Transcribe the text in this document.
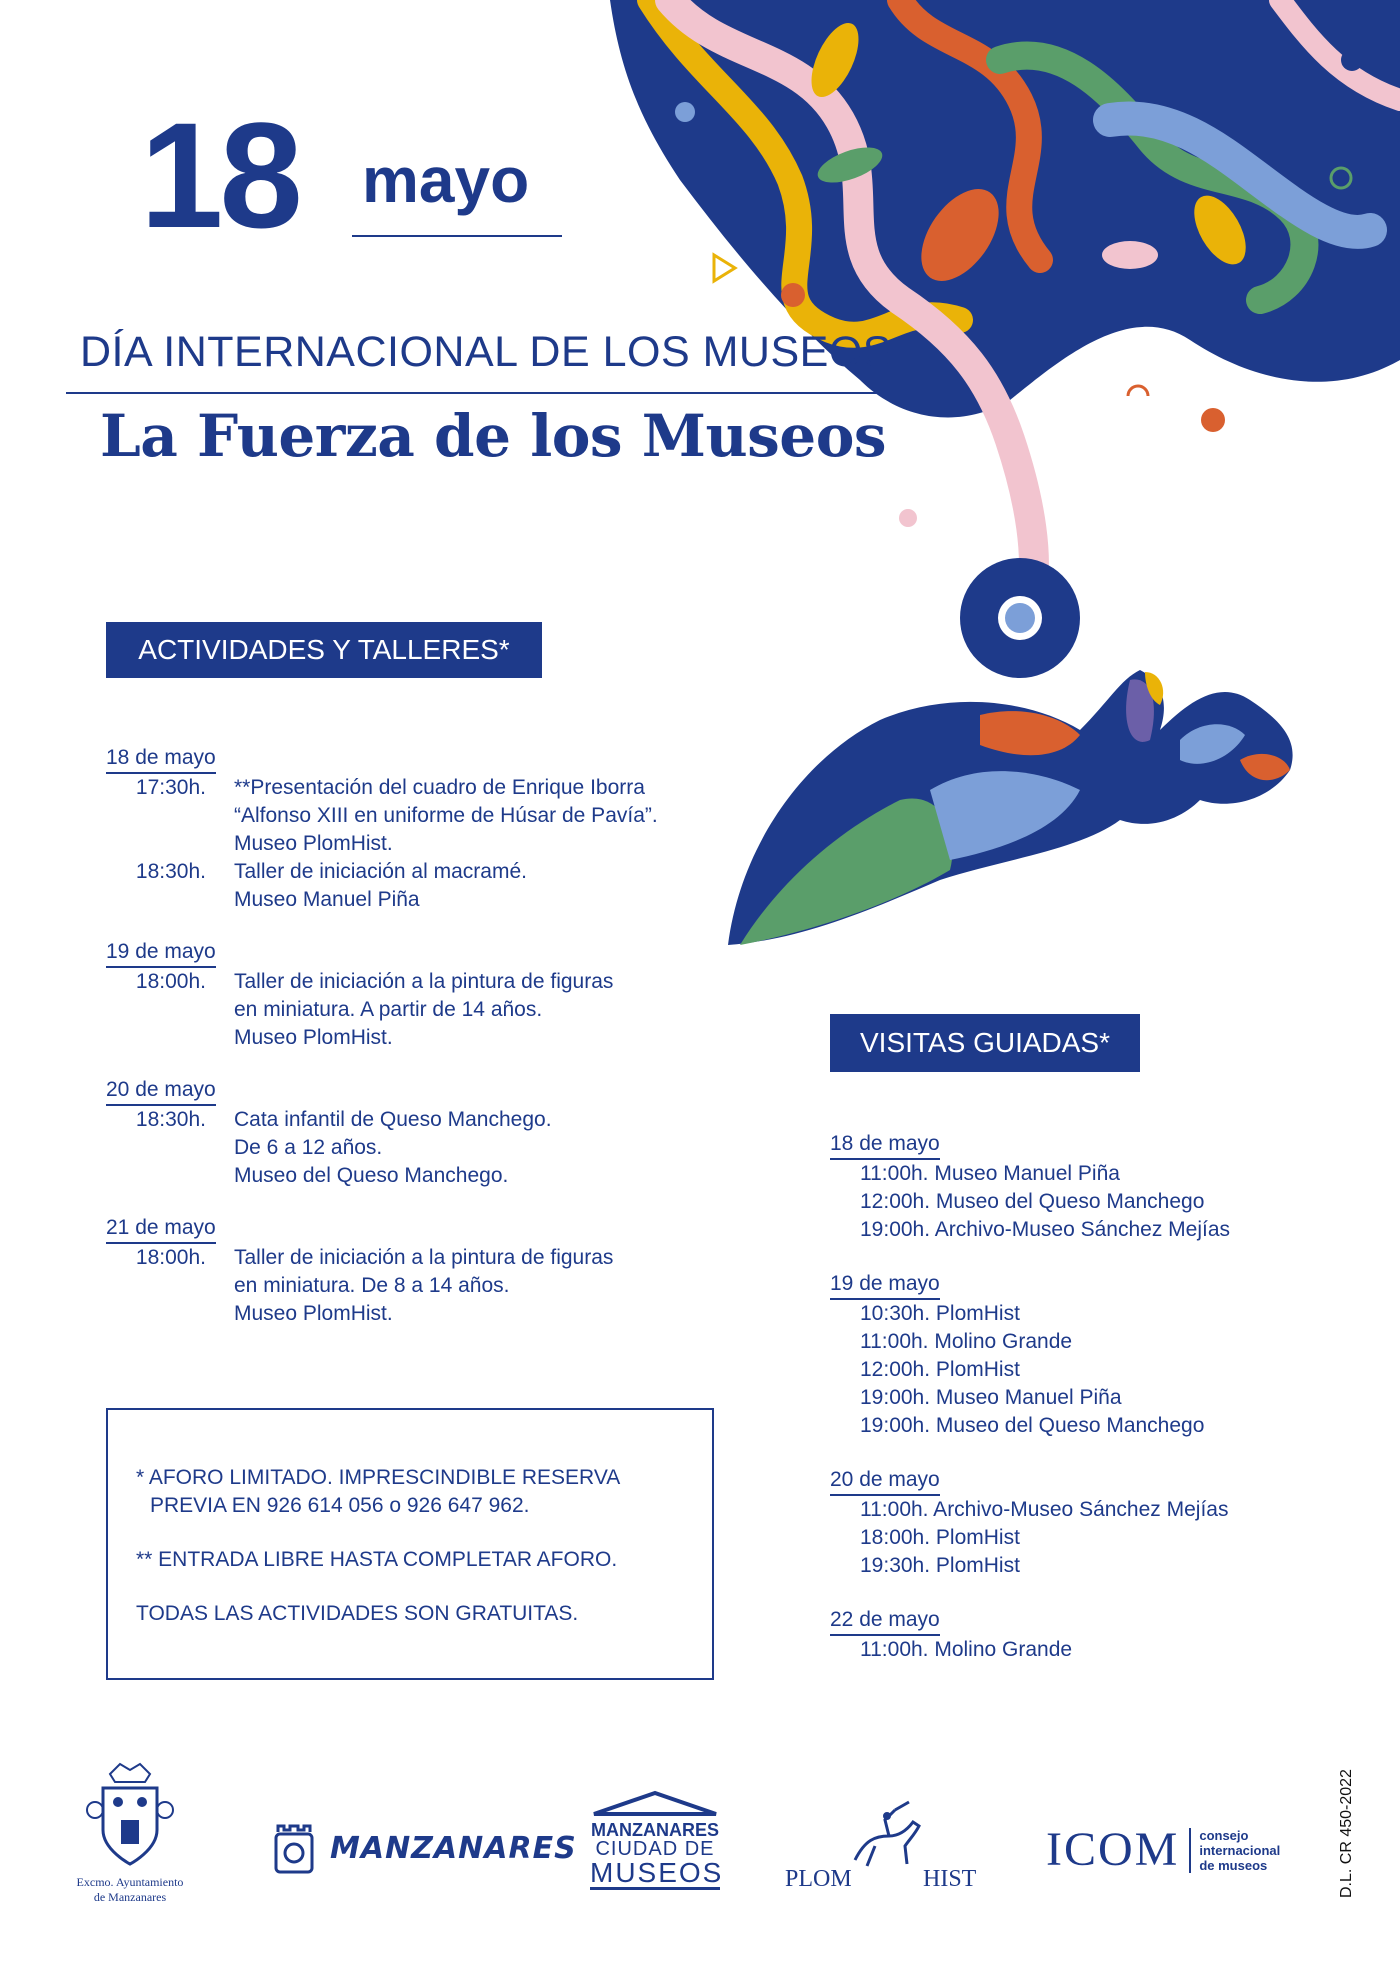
18 mayo
DÍA INTERNACIONAL DE LOS MUSEOS
La Fuerza de los Museos
ACTIVIDADES Y TALLERES*
18 de mayo
17:30h. **Presentación del cuadro de Enrique Iborra
“Alfonso XIII en uniforme de Húsar de Pavía”.
Museo PlomHist.
18:30h. Taller de iniciación al macramé.
Museo Manuel Piña
19 de mayo
18:00h. Taller de iniciación a la pintura de figuras
en miniatura. A partir de 14 años.
Museo PlomHist.
20 de mayo
18:30h. Cata infantil de Queso Manchego.
De 6 a 12 años.
Museo del Queso Manchego.
21 de mayo
18:00h. Taller de iniciación a la pintura de figuras
en miniatura. De 8 a 14 años.
Museo PlomHist.
* AFORO LIMITADO. IMPRESCINDIBLE RESERVA
PREVIA EN 926 614 056 o 926 647 962.
** ENTRADA LIBRE HASTA COMPLETAR AFORO.
TODAS LAS ACTIVIDADES SON GRATUITAS.
VISITAS GUIADAS*
18 de mayo
11:00h. Museo Manuel Piña
12:00h. Museo del Queso Manchego
19:00h. Archivo-Museo Sánchez Mejías
19 de mayo
10:30h. PlomHist
11:00h. Molino Grande
12:00h. PlomHist
19:00h. Museo Manuel Piña
19:00h. Museo del Queso Manchego
20 de mayo
11:00h. Archivo-Museo Sánchez Mejías
18:00h. PlomHist
19:30h. PlomHist
22 de mayo
11:00h. Molino Grande
Excmo. Ayuntamiento
de Manzanares
MANZANARES
MANZANARES
CIUDAD DE
MUSEOS	PLOM	HIST
ICOM consejo
internacional
de museos	D.L. CR 450-2022
